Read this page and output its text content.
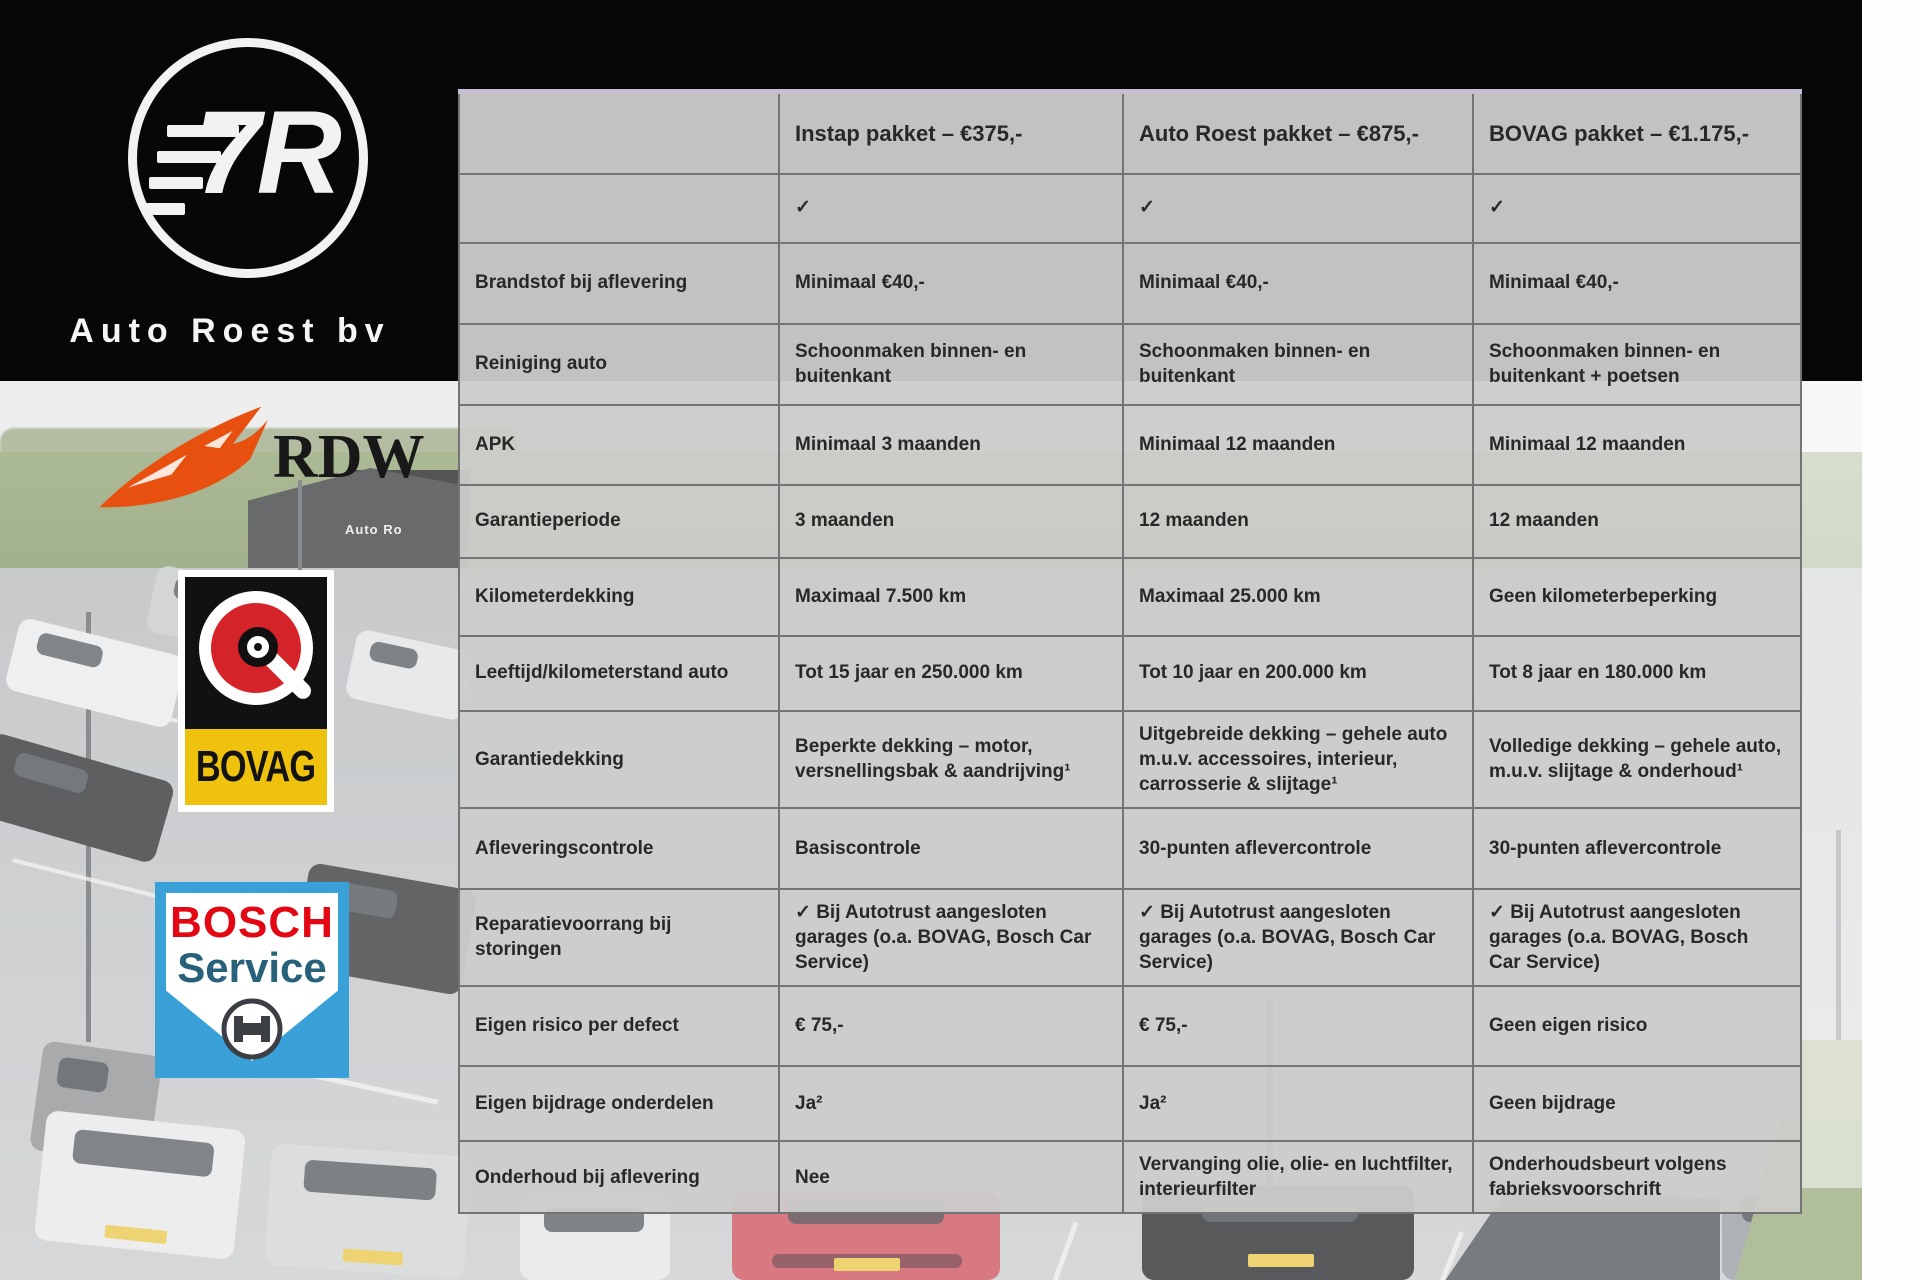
Auto Ro
7R
Auto Roest bv
RDW
BOVAG
BOSCH
Service
	Instap pakket – €375,-	Auto Roest pakket – €875,-	BOVAG pakket – €1.175,-
	✓	✓	✓
Brandstof bij aflevering	Minimaal €40,-	Minimaal €40,-	Minimaal €40,-
Reiniging auto	Schoonmaken binnen- en buitenkant	Schoonmaken binnen- en buitenkant	Schoonmaken binnen- en buitenkant + poetsen
APK	Minimaal 3 maanden	Minimaal 12 maanden	Minimaal 12 maanden
Garantieperiode	3 maanden	12 maanden	12 maanden
Kilometerdekking	Maximaal 7.500 km	Maximaal 25.000 km	Geen kilometerbeperking
Leeftijd/kilometerstand auto	Tot 15 jaar en 250.000 km	Tot 10 jaar en 200.000 km	Tot 8 jaar en 180.000 km
Garantiedekking	Beperkte dekking – motor, versnellingsbak & aandrijving¹	Uitgebreide dekking – gehele auto m.u.v. accessoires, interieur, carrosserie & slijtage¹	Volledige dekking – gehele auto, m.u.v. slijtage & onderhoud¹
Afleveringscontrole	Basiscontrole	30-punten aflevercontrole	30-punten aflevercontrole
Reparatievoorrang bij storingen	✓ Bij Autotrust aangesloten garages (o.a. BOVAG, Bosch Car Service)	✓ Bij Autotrust aangesloten garages (o.a. BOVAG, Bosch Car Service)	✓ Bij Autotrust aangesloten garages (o.a. BOVAG, Bosch Car Service)
Eigen risico per defect	€ 75,-	€ 75,-	Geen eigen risico
Eigen bijdrage onderdelen	Ja²	Ja²	Geen bijdrage
Onderhoud bij aflevering	Nee	Vervanging olie, olie- en luchtfilter, interieurfilter	Onderhoudsbeurt volgens fabrieksvoorschrift
